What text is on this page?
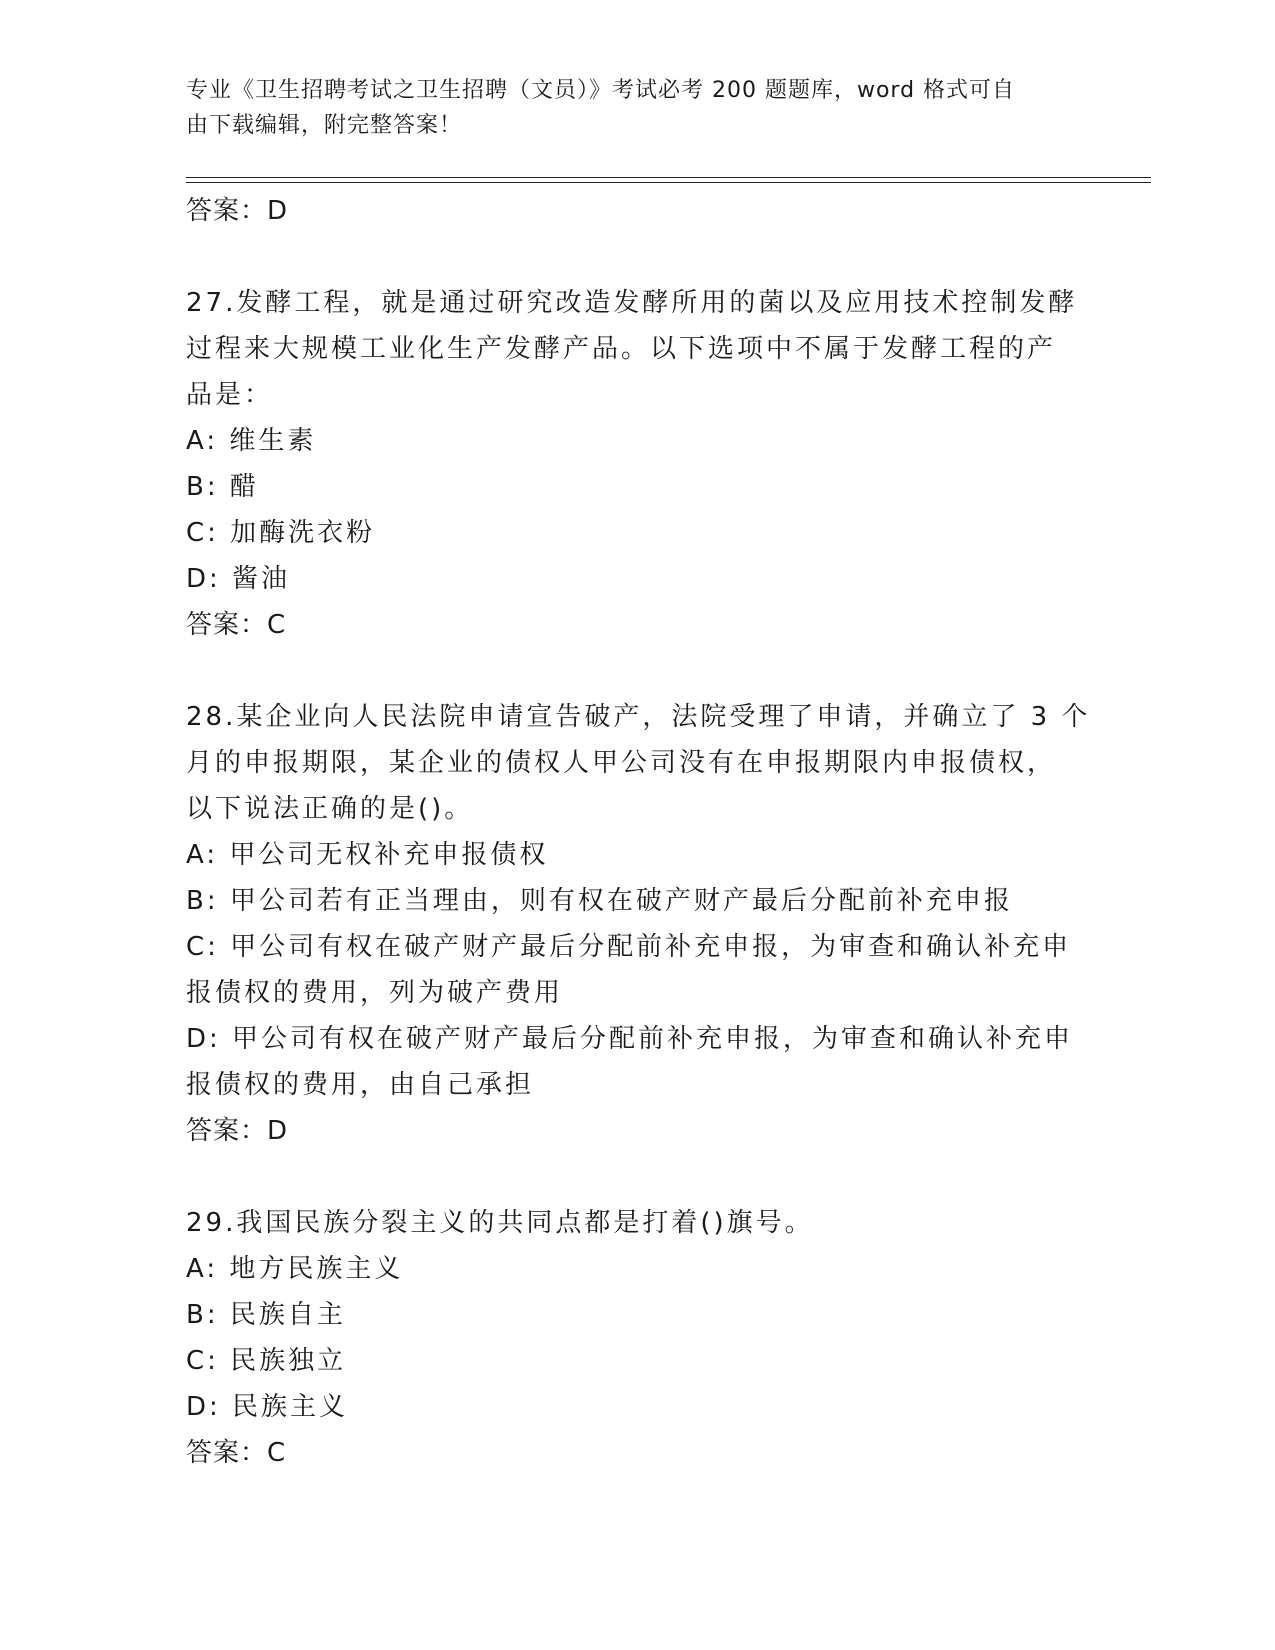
专业《卫生招聘考试之卫生招聘（文员）》考试必考 200 题题库，word 格式可自
由下载编辑，附完整答案！
答案：D
27.发酵工程，就是通过研究改造发酵所用的菌以及应用技术控制发酵
过程来大规模工业化生产发酵产品。以下选项中不属于发酵工程的产
品是：
A: 维生素
B: 醋
C: 加酶洗衣粉
D: 酱油
答案：C
28.某企业向人民法院申请宣告破产，法院受理了申请，并确立了 3 个
月的申报期限，某企业的债权人甲公司没有在申报期限内申报债权，
以下说法正确的是()。
A: 甲公司无权补充申报债权
B: 甲公司若有正当理由，则有权在破产财产最后分配前补充申报
C: 甲公司有权在破产财产最后分配前补充申报，为审查和确认补充申
报债权的费用，列为破产费用
D: 甲公司有权在破产财产最后分配前补充申报，为审查和确认补充申
报债权的费用，由自己承担
答案：D
29.我国民族分裂主义的共同点都是打着()旗号。
A: 地方民族主义
B: 民族自主
C: 民族独立
D: 民族主义
答案：C
